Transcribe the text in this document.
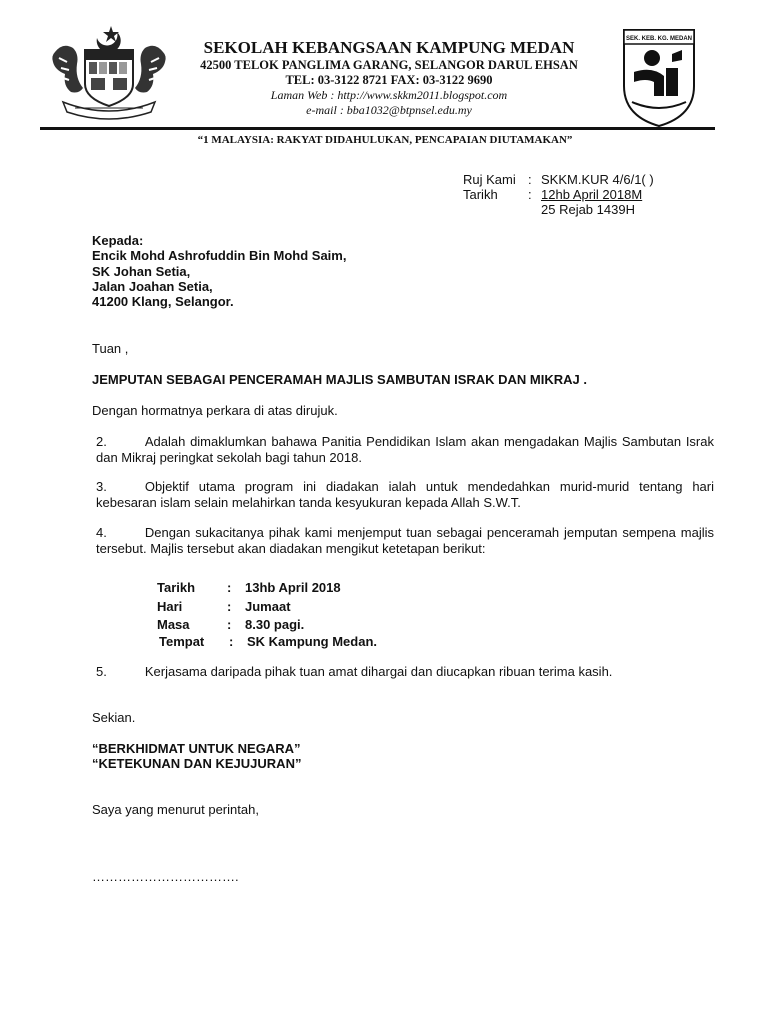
SEKOLAH KEBANGSAAN KAMPUNG MEDAN
42500 TELOK PANGLIMA GARANG, SELANGOR DARUL EHSAN
TEL: 03-3122 8721 FAX: 03-3122 9690
Laman Web : http://www.skkm2011.blogspot.com
e-mail : bba1032@btpnsel.edu.my
SEK. KEB. KG. MEDAN
“1 MALAYSIA: RAKYAT DIDAHULUKAN, PENCAPAIAN DIUTAMAKAN”
Ruj Kami : SKKM.KUR 4/6/1( )
Tarikh : 12hb April 2018M
25 Rejab 1439H
Kepada:
Encik Mohd Ashrofuddin Bin Mohd Saim,
SK Johan Setia,
Jalan Joahan Setia,
41200 Klang, Selangor.
Tuan ,
JEMPUTAN SEBAGAI PENCERAMAH MAJLIS SAMBUTAN ISRAK DAN MIKRAJ .
Dengan hormatnya perkara di atas dirujuk.
2.	Adalah dimaklumkan bahawa Panitia Pendidikan Islam akan mengadakan Majlis Sambutan Israk dan Mikraj peringkat sekolah bagi tahun 2018.
3.	Objektif utama program ini diadakan ialah untuk mendedahkan murid-murid tentang hari kebesaran islam selain melahirkan tanda kesyukuran kepada Allah S.W.T.
4.	Dengan sukacitanya pihak kami menjemput tuan sebagai penceramah jemputan sempena majlis tersebut. Majlis tersebut akan diadakan mengikut ketetapan berikut:
Tarikh : 13hb April 2018
Hari	: Jumaat
Masa	: 8.30 pagi.
Tempat : SK Kampung Medan.
5.	Kerjasama daripada pihak tuan amat dihargai dan diucapkan ribuan terima kasih.
Sekian.
“BERKHIDMAT UNTUK NEGARA”
“KETEKUNAN DAN KEJUJURAN”
Saya yang menurut perintah,
…………………………….
